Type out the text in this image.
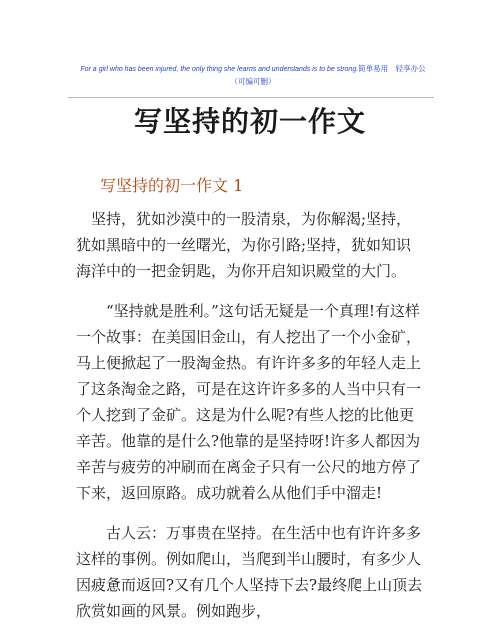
For a girl who has been injured, the only thing she learns and understands is to be strong.简单易用　轻享办公
（可编可删）
写坚持的初一作文
写坚持的初一作文 1

坚持，犹如沙漠中的一股清泉，为你解渴;坚持，犹如黑暗中的一丝曙光，为你引路;坚持，犹如知识海洋中的一把金钥匙，为你开启知识殿堂的大门。

“坚持就是胜利。”这句话无疑是一个真理!有这样一个故事：在美国旧金山，有人挖出了一个小金矿，马上便掀起了一股淘金热。有许许多多的年轻人走上了这条淘金之路，可是在这许许多多的人当中只有一个人挖到了金矿。这是为什么呢?有些人挖的比他更辛苦。他靠的是什么?他靠的是坚持呀!许多人都因为辛苦与疲劳的冲刷而在离金子只有一公尺的地方停了下来，返回原路。成功就着么从他们手中溜走!

古人云：万事贵在坚持。在生活中也有许许多多这样的事例。例如爬山，当爬到半山腰时，有多少人因疲惫而返回?又有几个人坚持下去?最终爬上山顶去欣赏如画的风景。例如跑步，
